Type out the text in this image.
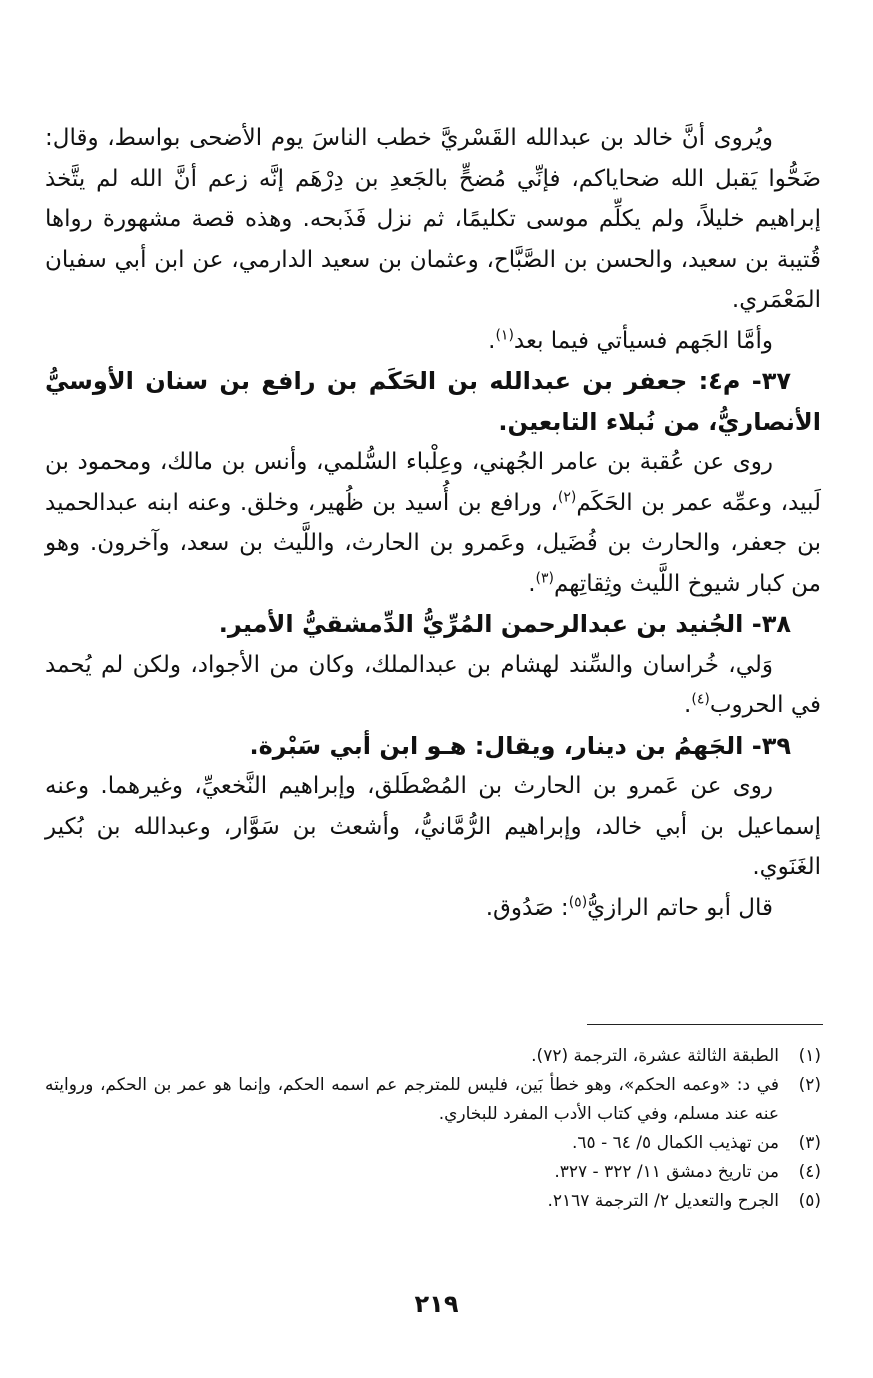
ويُروى أنَّ خالد بن عبدالله القَسْريَّ خطب الناسَ يوم الأضحى بواسط، وقال: ضَحُّوا يَقبل الله ضحاياكم، فإنِّي مُضحٍّ بالجَعدِ بن دِرْهَم إنَّه زعم أنَّ الله لم يتَّخذ إبراهيم خليلاً، ولم يكلِّم موسى تكليمًا، ثم نزل فَذَبحه. وهذه قصة مشهورة رواها قُتيبة بن سعيد، والحسن بن الصَّبَّاح، وعثمان بن سعيد الدارمي، عن ابن أبي سفيان المَعْمَري.

وأمَّا الجَهم فسيأتي فيما بعد$^{(١)}$.

٣٧- م٤: جعفر بن عبدالله بن الحَكَم بن رافع بن سنان الأوسيُّ الأنصاريُّ، من نُبلاء التابعين.

روى عن عُقبة بن عامر الجُهني، وعِلْباء السُّلمي، وأنس بن مالك، ومحمود بن لَبيد، وعمِّه عمر بن الحَكَم$^{(٢)}$، ورافع بن أُسيد بن ظُهير، وخلق. وعنه ابنه عبدالحميد بن جعفر، والحارث بن فُضَيل، وعَمرو بن الحارث، واللَّيث بن سعد، وآخرون. وهو من كبار شيوخ اللَّيث وثِقاتِهم$^{(٣)}$.

٣٨- الجُنيد بن عبدالرحمن المُرِّيُّ الدِّمشقيُّ الأمير.

وَلي، خُراسان والسِّند لهشام بن عبدالملك، وكان من الأجواد، ولكن لم يُحمد في الحروب$^{(٤)}$.

٣٩- الجَهمُ بن دينار، ويقال: هـو ابن أبي سَبْرة.

روى عن عَمرو بن الحارث بن المُصْطَلق، وإبراهيم النَّخعيِّ، وغيرهما. وعنه إسماعيل بن أبي خالد، وإبراهيم الرُّمَّانيُّ، وأشعث بن سَوَّار، وعبدالله بن بُكير الغَنَوي.

قال أبو حاتم الرازيُّ$^{(٥)}$: صَدُوق.

(١)
الطبقة الثالثة عشرة، الترجمة (٧٢).
(٢)
في د: «وعمه الحكم»، وهو خطأ بَين، فليس للمترجم عم اسمه الحكم، وإنما هو عمر بن الحكم، وروايته عنه عند مسلم، وفي كتاب الأدب المفرد للبخاري.
(٣)
من تهذيب الكمال ٥/ ٦٤ - ٦٥.
(٤)
من تاريخ دمشق ١١/ ٣٢٢ - ٣٢٧.
(٥)
الجرح والتعديل ٢/ الترجمة ٢١٦٧.
٢١٩
